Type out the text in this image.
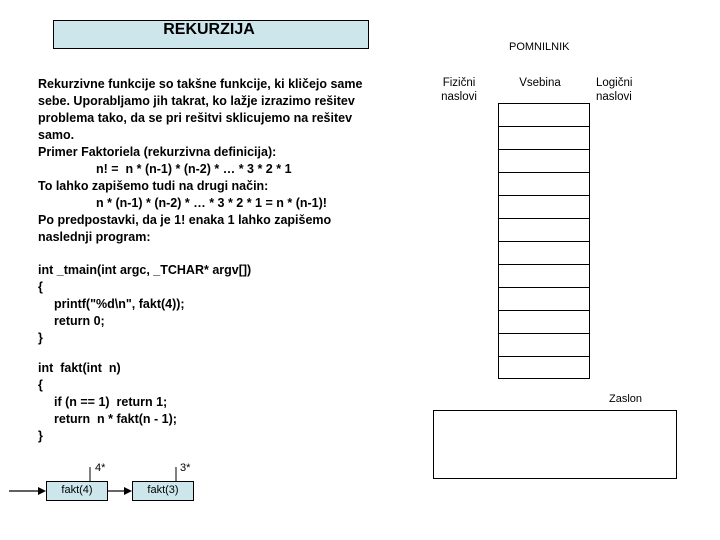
REKURZIJA
Rekurzivne funkcije so takšne funkcije, ki kličejo same
sebe. Uporabljamo jih takrat, ko lažje izrazimo rešitev
problema tako, da se pri rešitvi sklicujemo na rešitev
samo.
Primer Faktoriela (rekurzivna definicija):
n! =  n * (n-1) * (n-2) * … * 3 * 2 * 1
To lahko zapišemo tudi na drugi način:
n * (n-1) * (n-2) * … * 3 * 2 * 1 = n * (n-1)!
Po predpostavki, da je 1! enaka 1 lahko zapišemo
naslednji program:
int _tmain(int argc, _TCHAR* argv[])
{
printf("%d\n", fakt(4));
return 0;
}
int  fakt(int  n)
{
if (n == 1)  return 1;
return  n * fakt(n - 1);
}
POMNILNIK
Fizični naslovi
Vsebina	Logični naslovi
Zaslon
4*	3*
fakt(4)	fakt(3)
